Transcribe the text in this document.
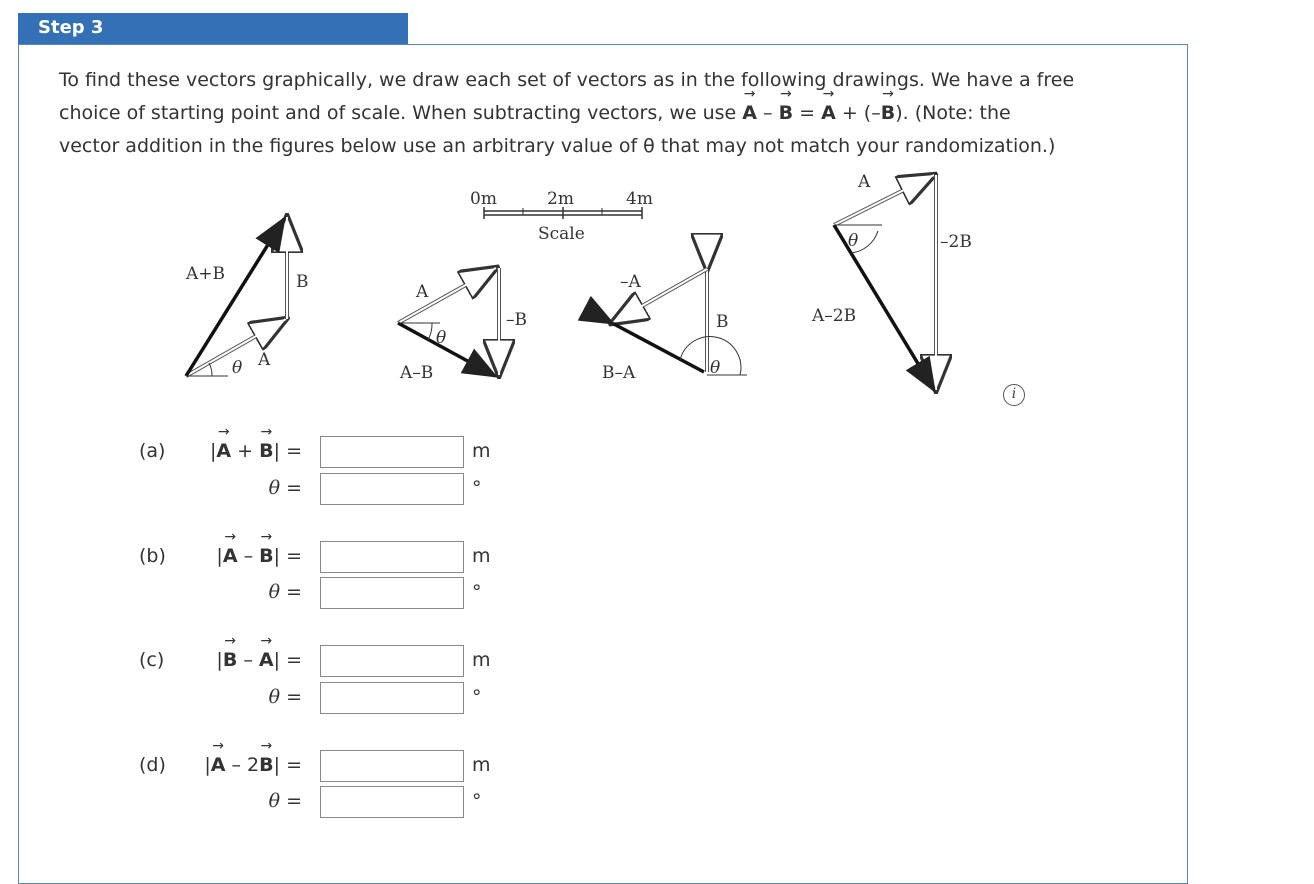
Step 3
To find these vectors graphically, we draw each set of vectors as in the following drawings. We have a free
choice of starting point and of scale. When subtracting vectors, we use → A – → B = → A + (–→ B). (Note: the
vector addition in the figures below use an arbitrary value of θ that may not match your randomization.)
0m	2m	4m
Scale
A+B	B
A
θ
A
–B
θ
A–B
–A
B
θ
B–A
A
θ	–2B
A–2B
i
(a) |→ A + → B| =	m
θ =	°
(b)	|→ A – → B| =	m
θ =	°
(c)	|→ B – → A| =	m
θ =	°
(d) |→ A – 2→ B| =	m
θ =	°
